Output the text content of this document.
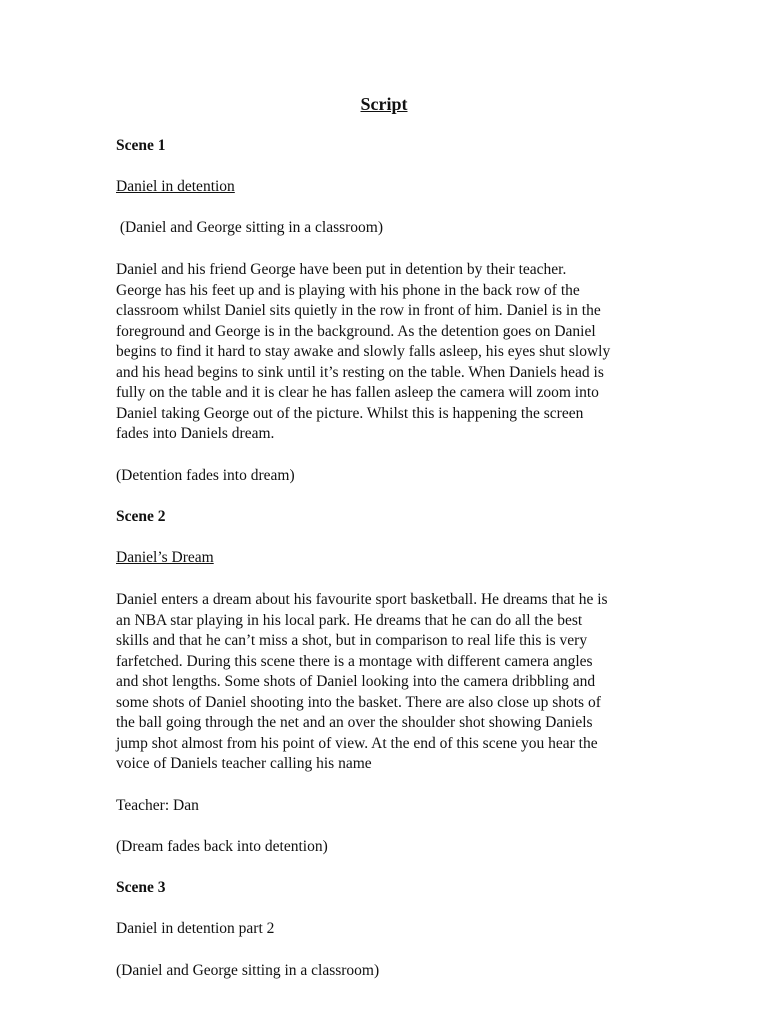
Script
Scene 1
Daniel in detention
(Daniel and George sitting in a classroom)

Daniel and his friend George have been put in detention by their teacher.

George has his feet up and is playing with his phone in the back row of the

classroom whilst Daniel sits quietly in the row in front of him. Daniel is in the

foreground and George is in the background. As the detention goes on Daniel

begins to find it hard to stay awake and slowly falls asleep, his eyes shut slowly

and his head begins to sink until it’s resting on the table. When Daniels head is

fully on the table and it is clear he has fallen asleep the camera will zoom into

Daniel taking George out of the picture. Whilst this is happening the screen

fades into Daniels dream.

(Detention fades into dream)
Scene 2
Daniel’s Dream

Daniel enters a dream about his favourite sport basketball. He dreams that he is

an NBA star playing in his local park. He dreams that he can do all the best

skills and that he can’t miss a shot, but in comparison to real life this is very

farfetched. During this scene there is a montage with different camera angles

and shot lengths. Some shots of Daniel looking into the camera dribbling and

some shots of Daniel shooting into the basket. There are also close up shots of

the ball going through the net and an over the shoulder shot showing Daniels

jump shot almost from his point of view. At the end of this scene you hear the

voice of Daniels teacher calling his name

Teacher: Dan
(Dream fades back into detention)
Scene 3
Daniel in detention part 2
(Daniel and George sitting in a classroom)
